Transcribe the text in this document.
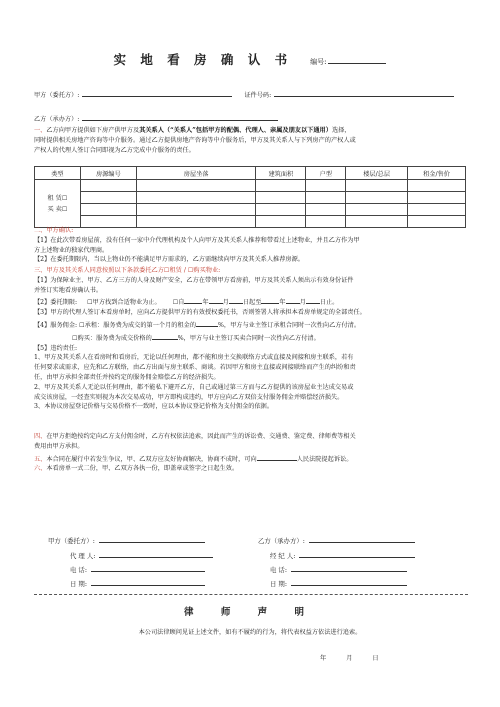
实 地 看 房 确 认 书	编号:
甲方（委托方）:	证件号码:
乙方（承办方）:
一、乙方向甲方提供如下房产供甲方及其关系人（“关系人”包括甲方的配偶、代理人、亲属及朋友以下通用）选择，
同时提供相关房地产咨询等中介服务。通过乙方提供房地产咨询等中介服务后，甲方及其关系人与下列房产的产权人或
产权人的代理人签订合同即视为乙方完成中介服务的责任。
类型	房源编号	房屋坐落	建筑面积	户型	楼层/总层	租金/售价

租 赁☐
买 卖☐						

二、甲方确认:
【1】在此次带看房屋前，没有任何一家中介代理机构及个人向甲方及其关系人推荐和带看过上述物业，并且乙方作为甲
方上述物业的独家代理商。
【2】在委托期限内，当以上物业仍不能满足甲方需求的，乙方需继续向甲方及其关系人推荐房源。
三、甲方及其关系人同意按照以下条款委托乙方☐租赁 / ☐购买物业:
【1】为保障业主、甲方、乙方三方的人身及财产安全，乙方在带领甲方看房前，甲方及其关系人须出示有效身份证件
并签订实地看房确认书。
【2】委托期限: ☐甲方找到合适物业为止。 ☐自	年 月 日起至	年 月 日止。
【3】甲方的代理人签订本看房单时，应向乙方提供甲方的有效授权委托书，否则签署人将承担本看房单规定的全部责任。
【4】服务佣金: ☐承租：服务费为成交的第一个月的租金的	%，甲方与业主签订承租合同时一次性向乙方付清。
☐购买：服务费为成交价格的	%，甲方与业主签订买卖合同时一次性向乙方付清。
【5】违约责任:
1、甲方及其关系人在看房时和看房后，无论以任何理由，都不能和房主交换联络方式或直接及间接和房主联系，若有
任何要求或需求，应先和乙方联络，由乙方出面与房主联系、商谈。若因甲方和房主直接或间接联络而产生的纠纷和责
任，由甲方承担全部责任并按约定的服务佣金赔偿乙方的经济损失。
2、甲方及其关系人无论以任何理由，都不能私下避开乙方，自己或通过第三方而与乙方提供的该房屋业主达成交易或
成交该房屋，一经查实则视为本次交易成功，甲方即构成违约，甲方应向乙方双倍支付服务佣金并赔偿经济损失。
3、本协议房屋登记价格与交易价格不一致时，应以本协议登记价格为支付佣金的依据。
四、在甲方拒绝按约定向乙方支付佣金时，乙方有权依法追索，因此而产生的诉讼费、交通费、鉴定费、律师费等相关
费用由甲方承担。
五、本合同在履行中若发生争议，甲、乙双方应友好协商解决，协商不成时，可向	人民法院提起诉讼。
六、本看房单一式二份，甲、乙双方各执一份，即盖章或签字之日起生效。
甲方（委托方）:	乙方（承办方）:
代 理 人:	经 纪 人:
电 话:	电 话:
日 期:	日 期:
律 师 声 明
本公司法律顾问见证上述文件，如有不履约的行为，将代表权益方依法进行追索。
年	月	日
